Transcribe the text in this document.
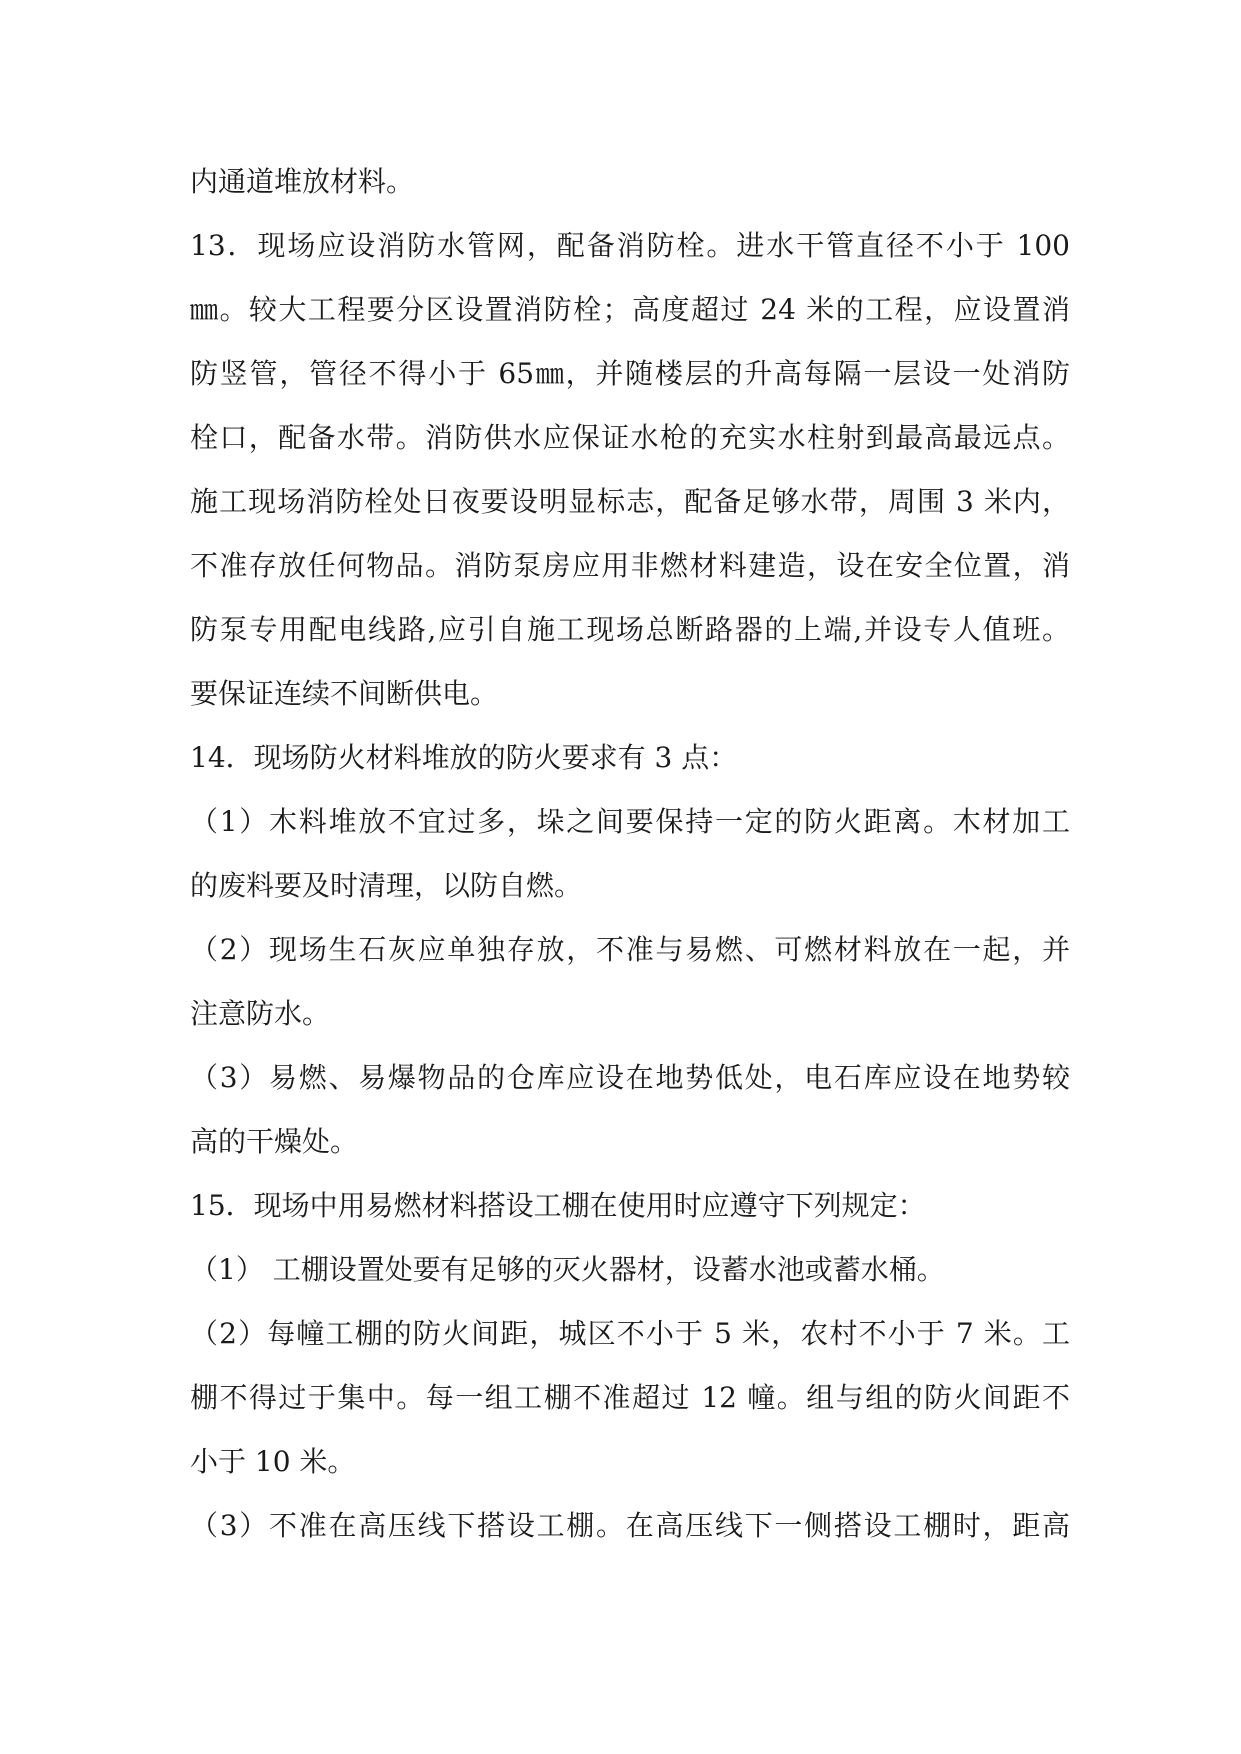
内通道堆放材料。

13．现场应设消防水管网，配备消防栓。进水干管直径不小于 100

㎜。较大工程要分区设置消防栓；高度超过 24 米的工程，应设置消

防竖管，管径不得小于 65㎜，并随楼层的升高每隔一层设一处消防

栓口，配备水带。消防供水应保证水枪的充实水柱射到最高最远点。

施工现场消防栓处日夜要设明显标志，配备足够水带，周围 3 米内，

不准存放任何物品。消防泵房应用非燃材料建造，设在安全位置，消

防泵专用配电线路,应引自施工现场总断路器的上端,并设专人值班。

要保证连续不间断供电。

14．现场防火材料堆放的防火要求有 3 点：

（1）木料堆放不宜过多，垛之间要保持一定的防火距离。木材加工

的废料要及时清理，以防自燃。

（2）现场生石灰应单独存放，不准与易燃、可燃材料放在一起，并

注意防水。

（3）易燃、易爆物品的仓库应设在地势低处，电石库应设在地势较

高的干燥处。

15．现场中用易燃材料搭设工棚在使用时应遵守下列规定：

（1） 工棚设置处要有足够的灭火器材，设蓄水池或蓄水桶。

（2）每幢工棚的防火间距，城区不小于 5 米，农村不小于 7 米。工

棚不得过于集中。每一组工棚不准超过 12 幢。组与组的防火间距不

小于 10 米。

（3）不准在高压线下搭设工棚。在高压线下一侧搭设工棚时，距高
